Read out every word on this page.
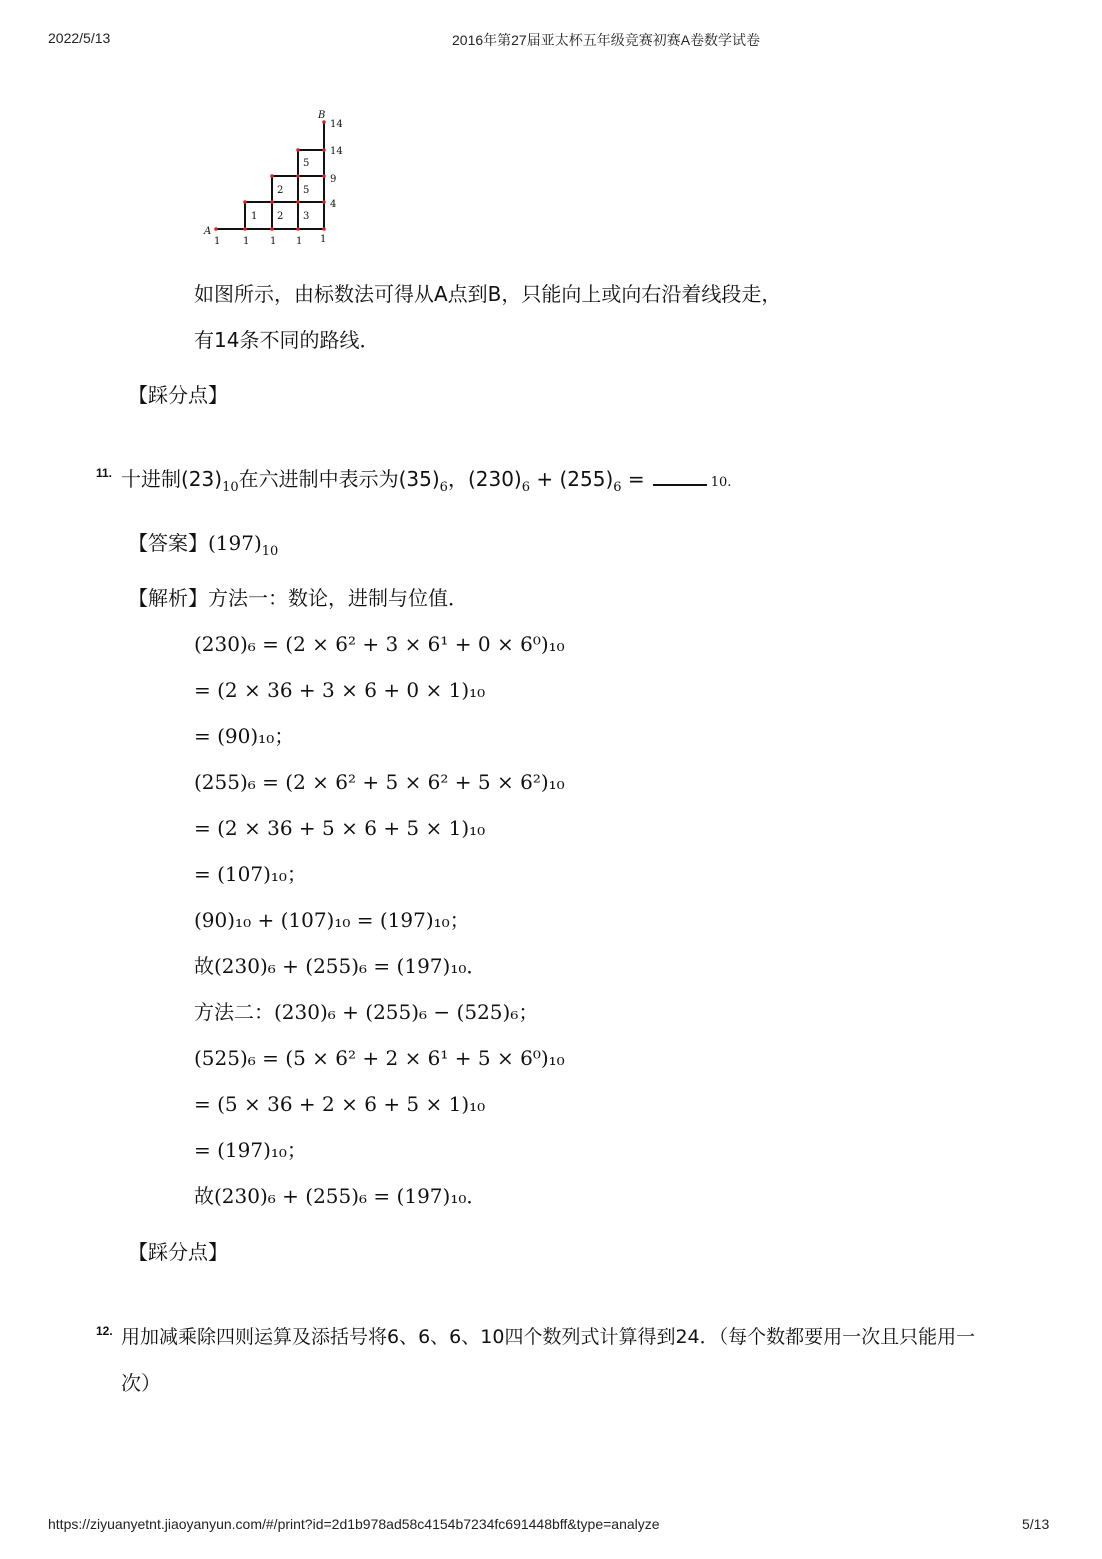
2022/5/13	2016年第27届亚太杯五年级竞赛初赛A卷数学试卷
A
B
1 1 1 1 1
1 2 3
2 5
5
4
9
14
14
如图所示，由标数法可得从A点到B，只能向上或向右沿着线段走，
有14条不同的路线．
【踩分点】
11. 十进制$(23)_{10}$在六进制中表示为$(35)_6$，$(230)_6 + (255)_6$ =	10.
【答案】$(197)_{10}$
【解析】方法一：数论，进制与位值．
(230)₆ = (2 × 6² + 3 × 6¹ + 0 × 6⁰)₁₀
= (2 × 36 + 3 × 6 + 0 × 1)₁₀
= (90)₁₀；
(255)₆ = (2 × 6² + 5 × 6² + 5 × 6²)₁₀
= (2 × 36 + 5 × 6 + 5 × 1)₁₀
= (107)₁₀；
(90)₁₀ + (107)₁₀ = (197)₁₀；
故(230)₆ + (255)₆ = (197)₁₀．
方法二：(230)₆ + (255)₆ − (525)₆；
(525)₆ = (5 × 6² + 2 × 6¹ + 5 × 6⁰)₁₀
= (5 × 36 + 2 × 6 + 5 × 1)₁₀
= (197)₁₀；
故(230)₆ + (255)₆ = (197)₁₀．
【踩分点】
12. 用加减乘除四则运算及添括号将6、6、6、10四个数列式计算得到24．（每个数都要用一次且只能用一
次）
https://ziyuanyetnt.jiaoyanyun.com/#/print?id=2d1b978ad58c4154b7234fc691448bff&type=analyze	5/13
